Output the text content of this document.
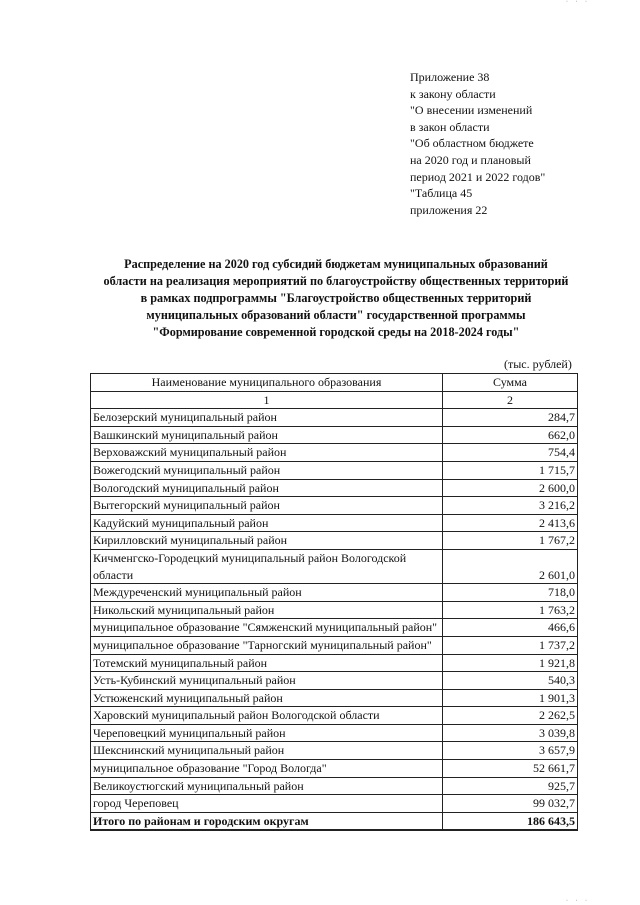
· · ·
Приложение 38
к закону области
"О внесении изменений
в закон области
"Об областном бюджете
на 2020 год и плановый
период 2021 и 2022 годов"
"Таблица 45
приложения 22
Распределение на 2020 год субсидий бюджетам муниципальных образований
области на реализация мероприятий по благоустройству общественных территорий
в рамках подпрограммы "Благоустройство общественных территорий
муниципальных образований области" государственной программы
"Формирование современной городской среды на 2018-2024 годы"
(тыс. рублей)
Наименование муниципального образования	Сумма
1	2
Белозерский муниципальный район	284,7
Вашкинский муниципальный район	662,0
Верховажский муниципальный район	754,4
Вожегодский муниципальный район	1 715,7
Вологодский муниципальный район	2 600,0
Вытегорский муниципальный район	3 216,2
Кадуйский муниципальный район	2 413,6
Кирилловский муниципальный район	1 767,2
Кичменгско-Городецкий муниципальный район Вологодской области	2 601,0
Междуреченский муниципальный район	718,0
Никольский муниципальный район	1 763,2
муниципальное образование "Сямженский муниципальный район"	466,6
муниципальное образование "Тарногский муниципальный район"	1 737,2
Тотемский муниципальный район	1 921,8
Усть-Кубинский муниципальный район	540,3
Устюженский муниципальный район	1 901,3
Харовский муниципальный район Вологодской области	2 262,5
Череповецкий муниципальный район	3 039,8
Шекснинский муниципальный район	3 657,9
муниципальное образование "Город Вологда"	52 661,7
Великоустюгский муниципальный район	925,7
город Череповец	99 032,7
Итого по районам и городским округам	186 643,5
· · ·
